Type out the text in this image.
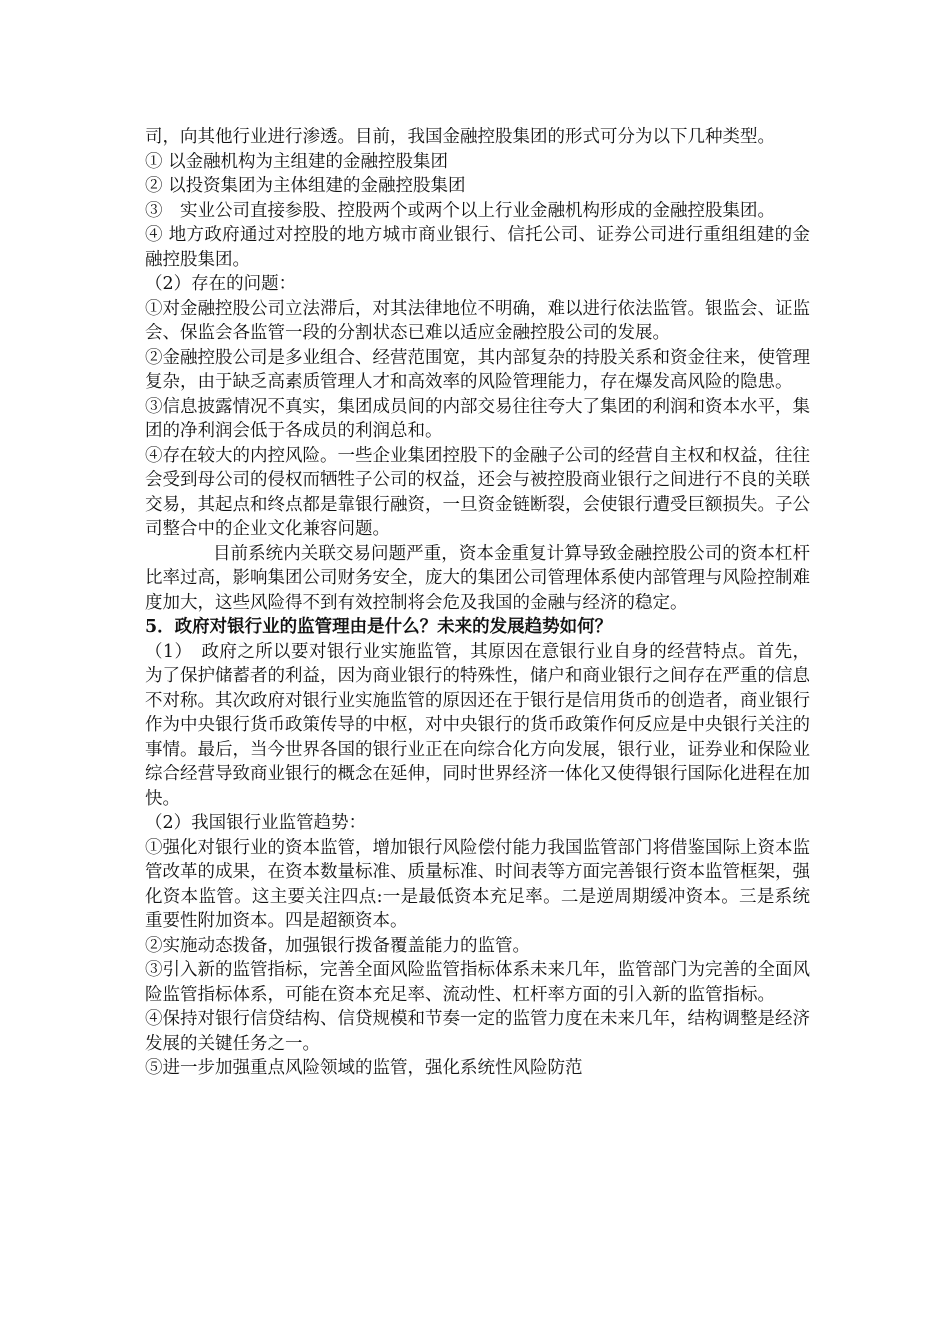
司，向其他行业进行渗透。目前，我国金融控股集团的形式可分为以下几种类型。

① 以金融机构为主组建的金融控股集团

② 以投资集团为主体组建的金融控股集团

③　实业公司直接参股、控股两个或两个以上行业金融机构形成的金融控股集团。

④ 地方政府通过对控股的地方城市商业银行、信托公司、证券公司进行重组组建的金融控股集团。

（2）存在的问题：

①对金融控股公司立法滞后，对其法律地位不明确，难以进行依法监管。银监会、证监会、保监会各监管一段的分割状态已难以适应金融控股公司的发展。

②金融控股公司是多业组合、经营范围宽，其内部复杂的持股关系和资金往来，使管理复杂，由于缺乏高素质管理人才和高效率的风险管理能力，存在爆发高风险的隐患。

③信息披露情况不真实，集团成员间的内部交易往往夸大了集团的利润和资本水平，集团的净利润会低于各成员的利润总和。

④存在较大的内控风险。一些企业集团控股下的金融子公司的经营自主权和权益，往往会受到母公司的侵权而牺牲子公司的权益，还会与被控股商业银行之间进行不良的关联交易，其起点和终点都是靠银行融资，一旦资金链断裂，会使银行遭受巨额损失。子公司整合中的企业文化兼容问题。

目前系统内关联交易问题严重，资本金重复计算导致金融控股公司的资本杠杆比率过高，影响集团公司财务安全，庞大的集团公司管理体系使内部管理与风险控制难度加大，这些风险得不到有效控制将会危及我国的金融与经济的稳定。

5．政府对银行业的监管理由是什么？未来的发展趋势如何？

（1）　政府之所以要对银行业实施监管，其原因在意银行业自身的经营特点。首先，为了保护储蓄者的利益，因为商业银行的特殊性，储户和商业银行之间存在严重的信息不对称。其次政府对银行业实施监管的原因还在于银行是信用货币的创造者，商业银行作为中央银行货币政策传导的中枢，对中央银行的货币政策作何反应是中央银行关注的事情。最后，当今世界各国的银行业正在向综合化方向发展，银行业，证券业和保险业综合经营导致商业银行的概念在延伸，同时世界经济一体化又使得银行国际化进程在加快。

（2）我国银行业监管趋势：

①强化对银行业的资本监管，增加银行风险偿付能力我国监管部门将借鉴国际上资本监管改革的成果，在资本数量标准、质量标准、时间表等方面完善银行资本监管框架，强化资本监管。这主要关注四点:一是最低资本充足率。二是逆周期缓冲资本。三是系统重要性附加资本。四是超额资本。

②实施动态拨备，加强银行拨备覆盖能力的监管。

③引入新的监管指标，完善全面风险监管指标体系未来几年，监管部门为完善的全面风险监管指标体系，可能在资本充足率、流动性、杠杆率方面的引入新的监管指标。

④保持对银行信贷结构、信贷规模和节奏一定的监管力度在未来几年，结构调整是经济发展的关键任务之一。

⑤进一步加强重点风险领域的监管，强化系统性风险防范
